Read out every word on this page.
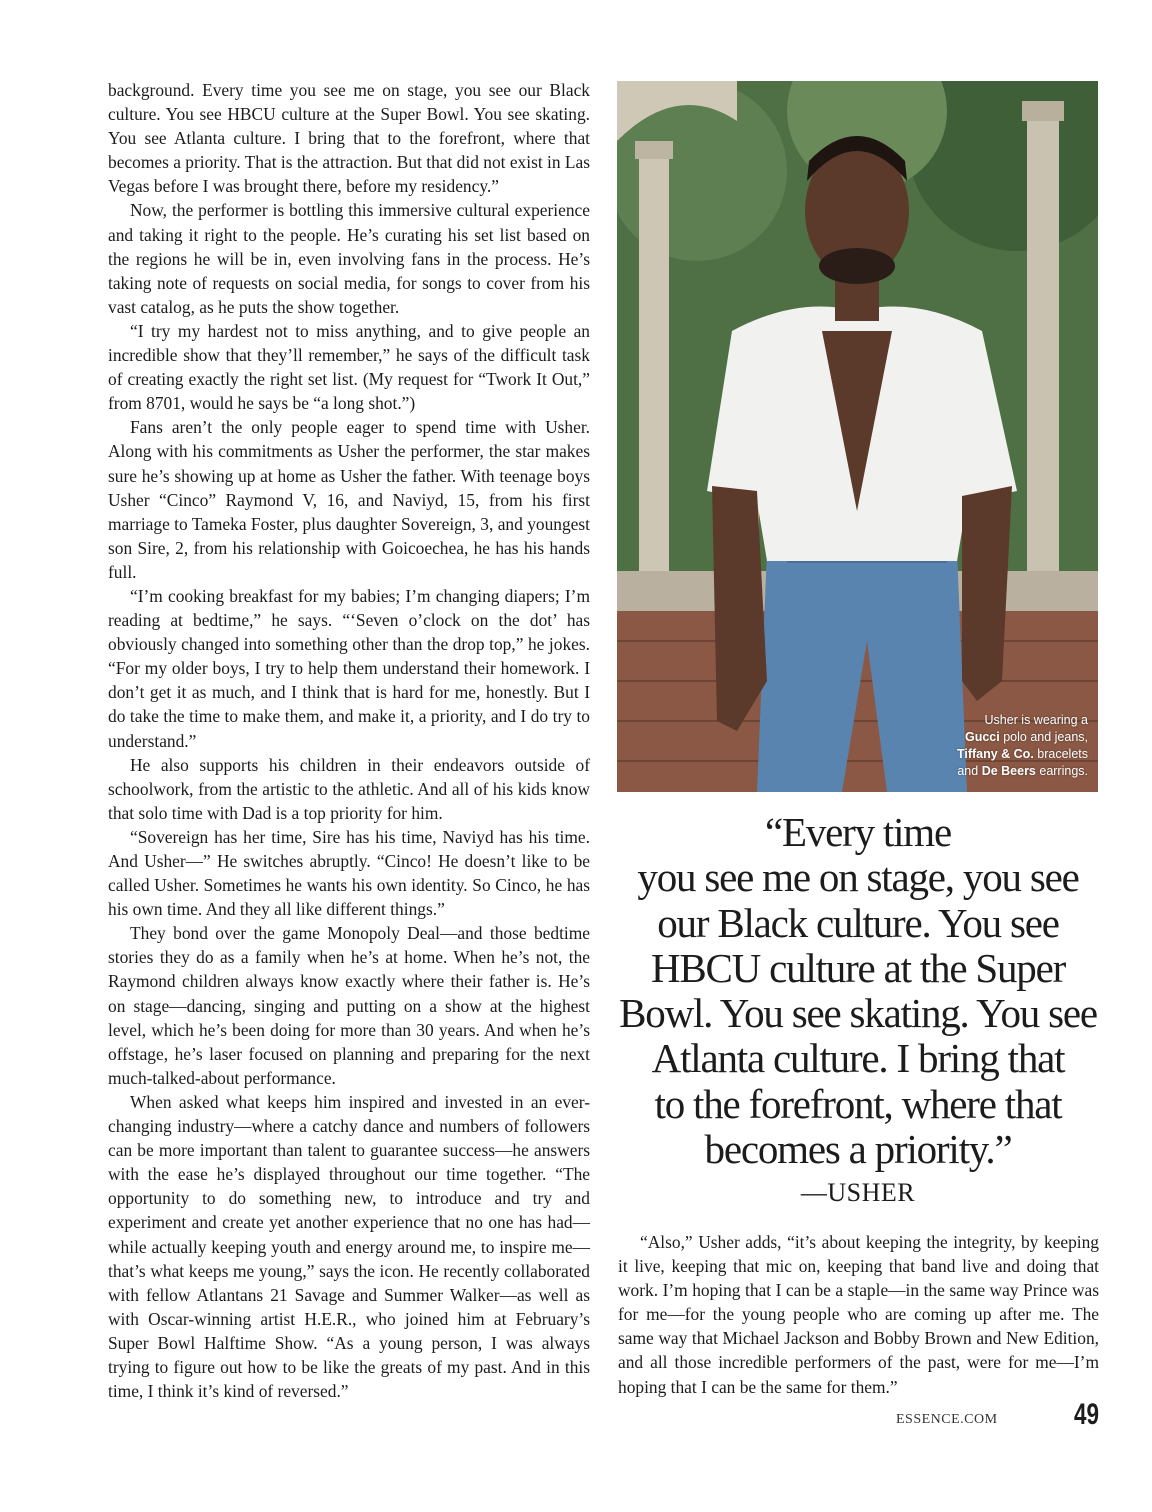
background. Every time you see me on stage, you see our Black culture. You see HBCU culture at the Super Bowl. You see skating. You see Atlanta culture. I bring that to the forefront, where that becomes a priority. That is the attraction. But that did not exist in Las Vegas before I was brought there, before my residency.”

Now, the performer is bottling this immersive cultural experience and taking it right to the people. He’s curating his set list based on the regions he will be in, even involving fans in the process. He’s taking note of requests on social media, for songs to cover from his vast catalog, as he puts the show together.

“I try my hardest not to miss anything, and to give people an incredible show that they’ll remember,” he says of the difficult task of creating exactly the right set list. (My request for “Twork It Out,” from 8701, would he says be “a long shot.”)

Fans aren’t the only people eager to spend time with Usher. Along with his commitments as Usher the performer, the star makes sure he’s showing up at home as Usher the father. With teenage boys Usher “Cinco” Raymond V, 16, and Naviyd, 15, from his first marriage to Tameka Foster, plus daughter Sovereign, 3, and youngest son Sire, 2, from his relationship with Goicoechea, he has his hands full.

“I’m cooking breakfast for my babies; I’m changing diapers; I’m reading at bedtime,” he says. “‘Seven o’clock on the dot’ has obviously changed into something other than the drop top,” he jokes. “For my older boys, I try to help them understand their homework. I don’t get it as much, and I think that is hard for me, honestly. But I do take the time to make them, and make it, a priority, and I do try to understand.”

He also supports his children in their endeavors outside of schoolwork, from the artistic to the athletic. And all of his kids know that solo time with Dad is a top priority for him.

“Sovereign has her time, Sire has his time, Naviyd has his time. And Usher—” He switches abruptly. “Cinco! He doesn’t like to be called Usher. Sometimes he wants his own identity. So Cinco, he has his own time. And they all like different things.”

They bond over the game Monopoly Deal—and those bedtime stories they do as a family when he’s at home. When he’s not, the Raymond children always know exactly where their father is. He’s on stage—dancing, singing and putting on a show at the highest level, which he’s been doing for more than 30 years. And when he’s offstage, he’s laser focused on planning and preparing for the next much-talked-about performance.

When asked what keeps him inspired and invested in an ever-changing industry—where a catchy dance and numbers of followers can be more important than talent to guarantee success—he answers with the ease he’s displayed throughout our time together. “The opportunity to do something new, to introduce and try and experiment and create yet another experience that no one has had—while actually keeping youth and energy around me, to inspire me—that’s what keeps me young,” says the icon. He recently collaborated with fellow Atlantans 21 Savage and Summer Walker—as well as with Oscar-winning artist H.E.R., who joined him at February’s Super Bowl Halftime Show. “As a young person, I was always trying to figure out how to be like the greats of my past. And in this time, I think it’s kind of reversed.”

Usher is wearing a
Gucci polo and jeans,
Tiffany & Co. bracelets
and De Beers earrings.
“Every time
you see me on stage, you see
our Black culture. You see
HBCU culture at the Super
Bowl. You see skating. You see
Atlanta culture. I bring that
to the forefront, where that
becomes a priority.”
—USHER

“Also,” Usher adds, “it’s about keeping the integrity, by keeping it live, keeping that mic on, keeping that band live and doing that work. I’m hoping that I can be a staple—in the same way Prince was for me—for the young people who are coming up after me. The same way that Michael Jackson and Bobby Brown and New Edition, and all those incredible performers of the past, were for me—I’m hoping that I can be the same for them.”

ESSENCE.COM	49
